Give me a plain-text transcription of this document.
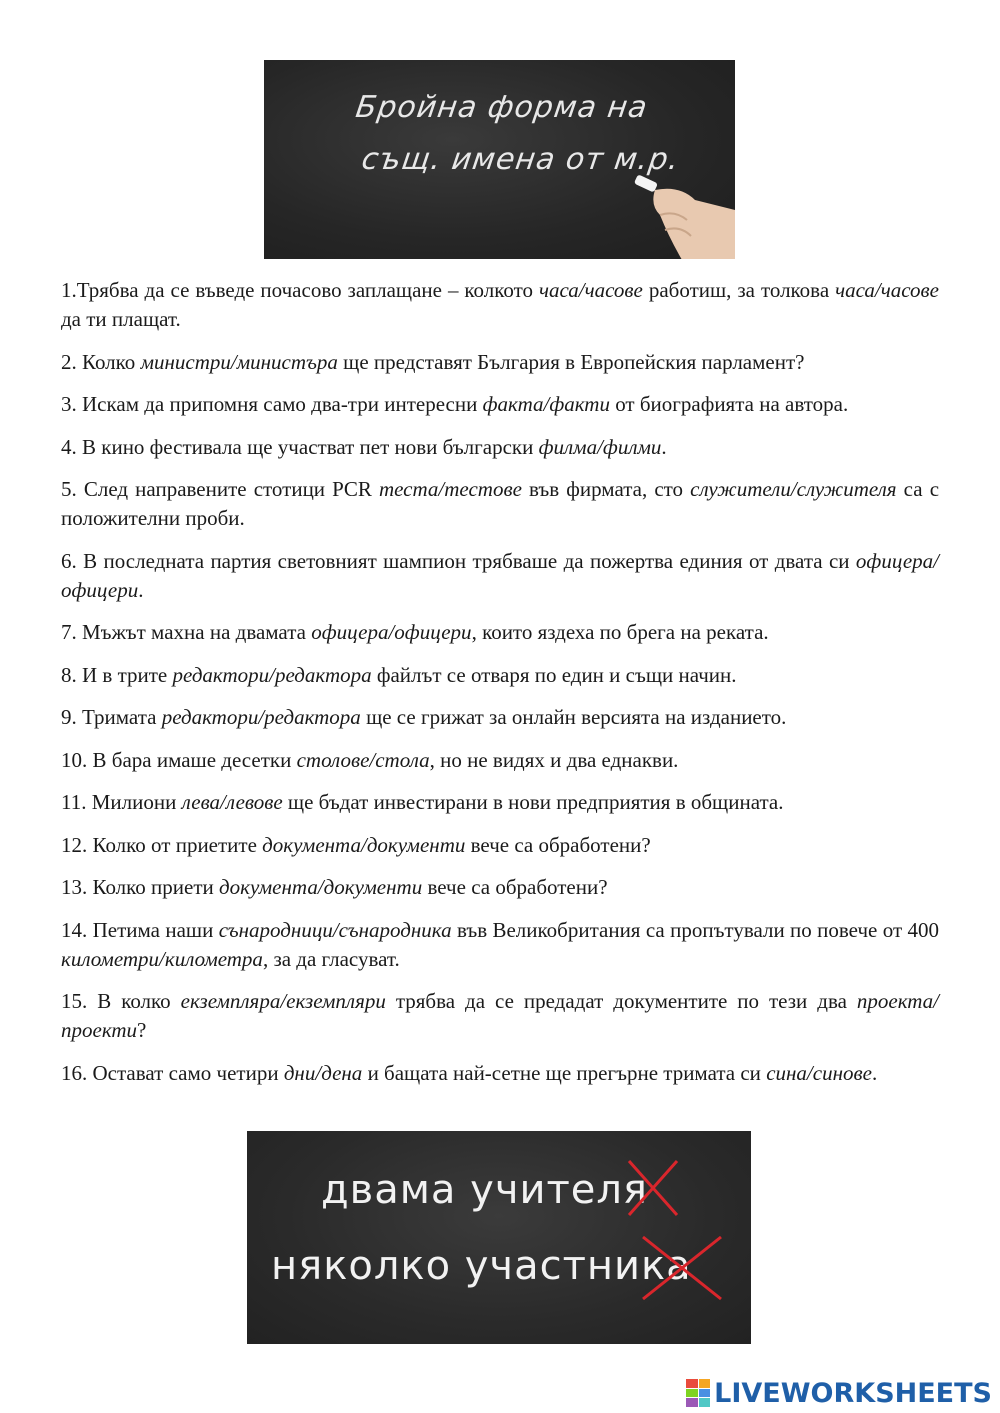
Бройна форма на
същ. имена от м.р.
1.Трябва да се въведе почасово заплащане – колкото часа/часове работиш, за толкова часа/часове да ти плащат.
2. Колко министри/министъра ще представят България в Европейския парламент?
3. Искам да припомня само два-три интересни факта/факти от биографията на автора.
4. В кино фестивала ще участват пет нови български филма/филми.
5. След направените стотици PCR теста/тестове във фирмата, сто служители/служителя са с положителни проби.
6. В последната партия световният шампион трябваше да пожертва единия от двата си офицера/офицери.
7. Мъжът махна на двамата офицера/офицери, които яздеха по брега на реката.
8. И в трите редактори/редактора файлът се отваря по един и същи начин.
9. Тримата редактори/редактора ще се грижат за онлайн версията на изданието.
10. В бара имаше десетки столове/стола, но не видях и два еднакви.
11. Милиони лева/левове ще бъдат инвестирани в нови предприятия в общината.
12. Колко от приетите документа/документи вече са обработени?
13. Колко приети документа/документи вече са обработени?
14. Петима наши сънародници/сънародника във Великобритания са пропътували по повече от 400 километри/километра, за да гласуват.
15. В колко екземпляра/екземпляри трябва да се предадат документите по тези два проекта/проекти?
16. Остават само четири дни/дена и бащата най-сетне ще прегърне тримата си сина/синове.
двама учителя
няколко участника
LIVEWORKSHEETS
